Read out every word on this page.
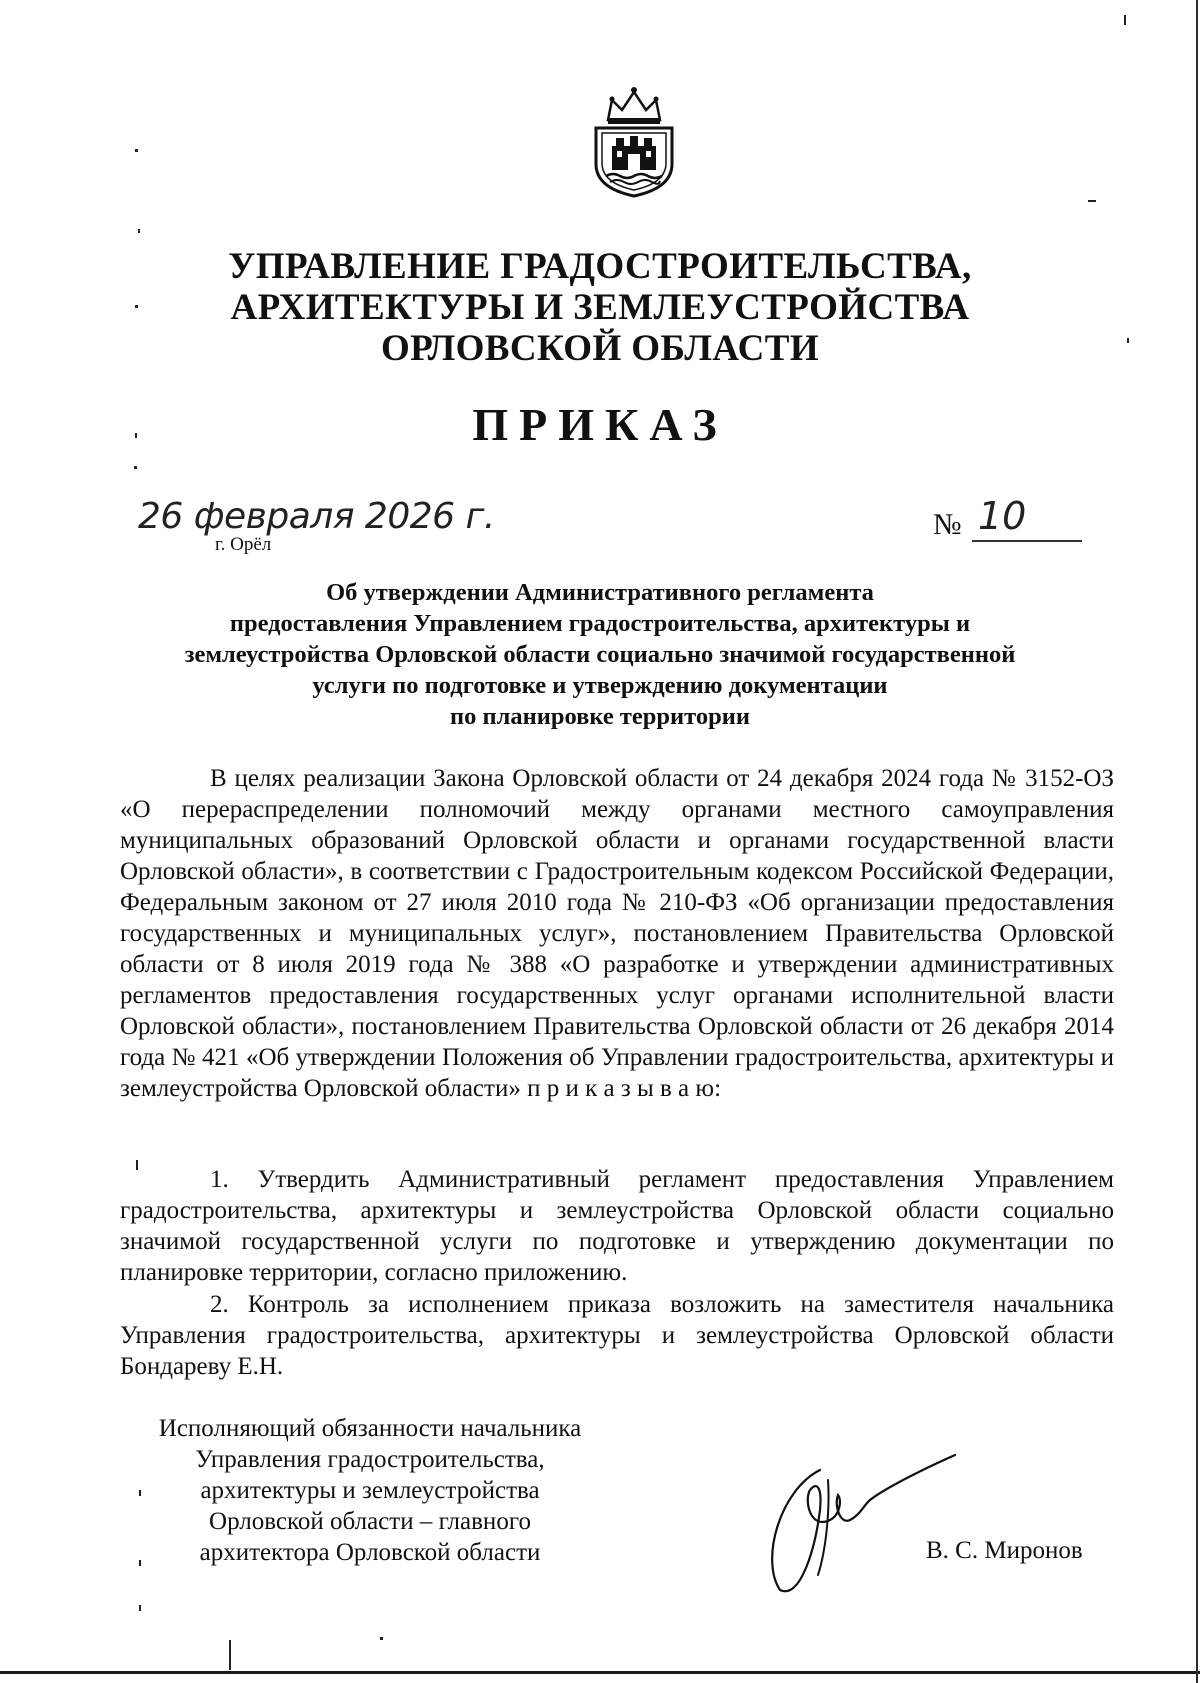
УПРАВЛЕНИЕ ГРАДОСТРОИТЕЛЬСТВА,
АРХИТЕКТУРЫ И ЗЕМЛЕУСТРОЙСТВА
ОРЛОВСКОЙ ОБЛАСТИ
ПРИКАЗ
26 февраля 2026 г.
г. Орёл
№ 10
Об утверждении Административного регламента
предоставления Управлением градостроительства, архитектуры и
землеустройства Орловской области социально значимой государственной
услуги по подготовке и утверждению документации
по планировке территории

В целях реализации Закона Орловской области от 24 декабря 2024 года № 3152-ОЗ «О перераспределении полномочий между органами местного самоуправления муниципальных образований Орловской области и органами государственной власти Орловской области», в соответствии с Градостроительным кодексом Российской Федерации, Федеральным законом от 27 июля 2010 года № 210-ФЗ «Об организации предоставления государственных и муниципальных услуг», постановлением Правительства Орловской области от 8 июля 2019 года № 388 «О разработке и утверждении административных регламентов предоставления государственных услуг органами исполнительной власти Орловской области», постановлением Правительства Орловской области от 26 декабря 2014 года № 421 «Об утверждении Положения об Управлении градостроительства, архитектуры и землеустройства Орловской области» п р и к а з ы в а ю:

1. Утвердить Административный регламент предоставления Управлением градостроительства, архитектуры и землеустройства Орловской области социально значимой государственной услуги по подготовке и утверждению документации по планировке территории, согласно приложению.

2. Контроль за исполнением приказа возложить на заместителя начальника Управления градостроительства, архитектуры и землеустройства Орловской области Бондареву Е.Н.

Исполняющий обязанности начальника
Управления градостроительства,
архитектуры и землеустройства
Орловской области – главного
архитектора Орловской области	В. С. Миронов
